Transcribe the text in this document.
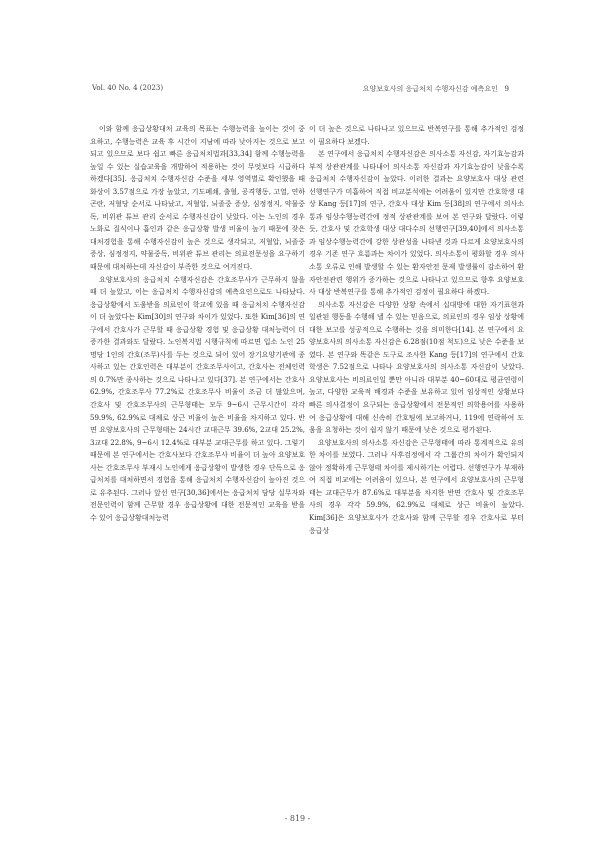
Vol. 40 No. 4 (2023)	요양보호사의 응급처치 수행자신감 예측요인 9

이와 함께 응급상황대처 교육의 목표는 수행능력을 높이는 것이 중요하고, 수행능력은 교육 후 시간이 지남에 따라 낮아지는 것으로 보고되고 있으므로 보다 쉽고 빠른 응급처치법과[33,34] 함께 수행능력을 높일 수 있는 실습교육을 개발하여 적용하는 것이 무엇보다 시급하다 하겠다[35]. 응급처치 수행자신감 수준을 세부 영역별로 확인했을 때 화상이 3.57점으로 가장 높았고, 기도폐쇄, 출혈, 공격행동, 고열, 연하곤란, 저혈당 순서로 나타났고, 저혈압, 뇌졸중 증상, 심정정지, 약물중독, 비위관 튜브 관리 순서로 수행자신감이 낮았다. 이는 노인의 경우 노화로 질식이나 흡인과 같은 응급상황 발생 비율이 높기 때문에 잦은 대처경험을 통해 수행자신감이 높은 것으로 생각되고, 저혈압, 뇌졸중 증상, 심정정지, 약물중독, 비위관 튜브 관리는 의료전문성을 요구하기 때문에 대처하는데 자신감이 부족한 것으로 여겨진다.

요양보호사의 응급처치 수행자신감은 간호조무사가 근무하지 않을 때 더 높았고, 이는 응급처치 수행자신감의 예측요인으로도 나타났다. 응급상황에서 도움받을 의료인이 학교에 있을 때 응급처치 수행자신감이 더 높았다는 Kim[30]의 연구와 차이가 있었다. 또한 Kim[36]의 연구에서 간호사가 근무할 때 응급상황 경험 및 응급상황 대처능력이 더 증가한 결과와도 달랐다. 노인복지법 시행규칙에 따르면 입소 노인 25명당 1인의 간호(조무)사를 두는 것으로 되어 있어 장기요양기관에 종사하고 있는 간호인력은 대부분이 간호조무사이고, 간호사는 전체인력의 0.7%만 종사하는 것으로 나타나고 있다[37]. 본 연구에서는 간호사 62.9%, 간호조무사 77.2%로 간호조무사 비율이 조금 더 많았으며, 간호사 및 간호조무사의 근무형태는 모두 9~6시 근무시간이 각각 59.9%, 62.9%로 대체로 상근 비율이 높은 비율을 차지하고 있다. 반면 요양보호사의 근무형태는 24시간 교대근무 39.6%, 2교대 25.2%, 3교대 22.8%, 9~6시 12.4%로 대부분 교대근무를 하고 있다. 그렇기 때문에 본 연구에서는 간호사보다 간호조무사 비율이 더 높아 요양보호사는 간호조무사 부재시 노인에게 응급상황이 발생한 경우 단독으로 응급처치를 대처하면서 경험을 통해 응급처치 수행자신감이 높아진 것으로 유추된다. 그러나 앞선 연구[30,36]에서는 응급처치 담당 실무자와 전문인력이 함께 근무할 경우 응급상황에 대한 전문적인 교육을 받을 수 있어 응급상황대처능력

이 더 높은 것으로 나타나고 있으므로 반복연구를 통해 추가적인 검정이 필요하다 보겠다.

본 연구에서 응급처치 수행자신감은 의사소통 자신감, 자기효능감과 부적 상관관계를 나타내어 의사소통 자신감과 자기효능감이 낮을수록 응급처치 수행자신감이 높았다. 이러한 결과는 요양보호사 대상 관련 선행연구가 미흡하여 직접 비교분석에는 어려움이 있지만 간호학생 대상 Kang 등[17]의 연구, 간호사 대상 Kim 등[38]의 연구에서 의사소통과 임상수행능력간에 정적 상관관계를 보여 본 연구와 달랐다. 이렇듯, 간호사 및 간호학생 대상 대다수의 선행연구[39,40]에서 의사소통과 임상수행능력간에 강한 상관성을 나타낸 것과 다르게 요양보호사의 경우 기존 연구 흐름과는 차이가 있었다. 의사소통이 평화할 경우 의사소통 오류로 인해 발생할 수 있는 환자안전 문제 발생률이 감소하여 환자안전관련 행위가 증가하는 것으로 나타나고 있으므로 향후 요양보호사 대상 반복연구를 통해 추가적인 검정이 필요하다 하겠다.

의사소통 자신감은 다양한 상황 속에서 십대방에 대한 자기표현과 일관된 행동을 수행해 낼 수 있는 믿음으로, 의료인의 경우 임상 상황에 대한 보고를 성공적으로 수행하는 것을 의미한다[14]. 본 연구에서 요양보호사의 의사소통 자신감은 6.28점(10점 척도)으로 낮은 수준을 보였다. 본 연구와 똑같은 도구로 조사한 Kang 등[17]의 연구에서 간호학생은 7.52점으로 나타나 요양보호사의 의사소통 자신감이 낮았다. 요양보호사는 비의료인일 뿐만 아니라 대부분 40~60대로 평균연령이 높고, 다양한 교육적 배경과 수준을 보유하고 있어 임상적인 상황보다 빠른 의사결정이 요구되는 응급상황에서 전문적인 의학용어를 사용하여 응급상황에 대해 신속히 간호팀에 보고하거나, 119에 연락하여 도움을 요청하는 것이 쉽지 않기 때문에 낮은 것으로 평가된다.

요양보호사의 의사소통 자신감은 근무형태에 따라 통계적으로 유의한 차이를 보였다. 그러나 사후검정에서 각 그룹간의 차이가 확인되지 않아 정확하게 근무형태 차이를 제시하기는 어렵다. 선행연구가 부재하여 직접 비교에는 어려움이 있으나, 본 연구에서 요양보호사의 근무형태는 교대근무가 87.6%로 대부분을 차지한 반면 간호사 및 간호조무사의 경우 각각 59.9%, 62.9%로 대체로 상근 비율이 높았다. Kim[36]은 요양보호사가 간호사와 함께 근무할 경우 간호사로 부터 응급상

- 819 -
